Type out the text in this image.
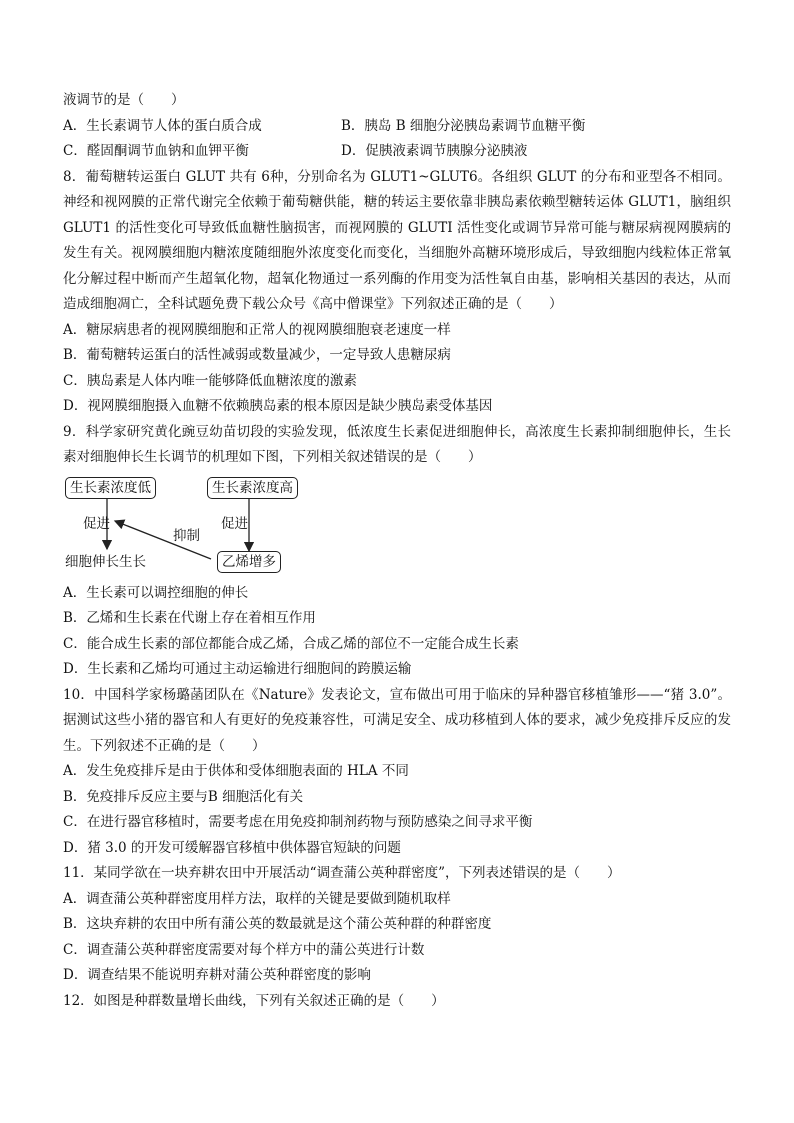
液调节的是（　　）
A．生长素调节人体的蛋白质合成	B．胰岛 B 细胞分泌胰岛素调节血糖平衡
C．醛固酮调节血钠和血钾平衡	D．促胰液素调节胰腺分泌胰液
8．葡萄糖转运蛋白 GLUT 共有 6种，分别命名为 GLUT1~GLUT6。各组织 GLUT 的分布和亚型各不相同。神经和视网膜的正常代谢完全依赖于葡萄糖供能，糖的转运主要依靠非胰岛素依赖型糖转运体 GLUT1，脑组织 GLUT1 的活性变化可导致低血糖性脑损害，而视网膜的 GLUTI 活性变化或调节异常可能与糖尿病视网膜病的发生有关。视网膜细胞内糖浓度随细胞外浓度变化而变化，当细胞外高糖环境形成后，导致细胞内线粒体正常氧化分解过程中断而产生超氧化物，超氧化物通过一系列酶的作用变为活性氧自由基，影响相关基因的表达，从而造成细胞凋亡，全科试题免费下载公众号《高中僧课堂》下列叙述正确的是（　　）
A．糖尿病患者的视网膜细胞和正常人的视网膜细胞衰老速度一样
B．葡萄糖转运蛋白的活性减弱或数量减少，一定导致人患糖尿病
C．胰岛素是人体内唯一能够降低血糖浓度的激素
D．视网膜细胞摄入血糖不依赖胰岛素的根本原因是缺少胰岛素受体基因
9．科学家研究黄化豌豆幼苗切段的实验发现，低浓度生长素促进细胞伸长，高浓度生长素抑制细胞伸长，生长素对细胞伸长生长调节的机理如下图，下列相关叙述错误的是（　　）
生长素浓度低	生长素浓度高
促进	促进
抑制
细胞伸长生长	乙烯增多
A．生长素可以调控细胞的伸长
B．乙烯和生长素在代谢上存在着相互作用
C．能合成生长素的部位都能合成乙烯，合成乙烯的部位不一定能合成生长素
D．生长素和乙烯均可通过主动运输进行细胞间的跨膜运输
10．中国科学家杨璐菡团队在《Nature》发表论文，宣布做出可用于临床的异种器官移植雏形——“猪 3.0”。据测试这些小猪的器官和人有更好的免疫兼容性，可满足安全、成功移植到人体的要求，减少免疫排斥反应的发生。下列叙述不正确的是（　　）
A．发生免疫排斥是由于供体和受体细胞表面的 HLA 不同
B．免疫排斥反应主要与B 细胞活化有关
C．在进行器官移植时，需要考虑在用免疫抑制剂药物与预防感染之间寻求平衡
D．猪 3.0 的开发可缓解器官移植中供体器官短缺的问题
11．某同学欲在一块弃耕农田中开展活动“调查蒲公英种群密度”，下列表述错误的是（　　）
A．调查蒲公英种群密度用样方法，取样的关键是要做到随机取样
B．这块弃耕的农田中所有蒲公英的数最就是这个蒲公英种群的种群密度
C．调查蒲公英种群密度需要对每个样方中的蒲公英进行计数
D．调查结果不能说明弃耕对蒲公英种群密度的影响
12．如图是种群数量增长曲线，下列有关叙述正确的是（　　）
